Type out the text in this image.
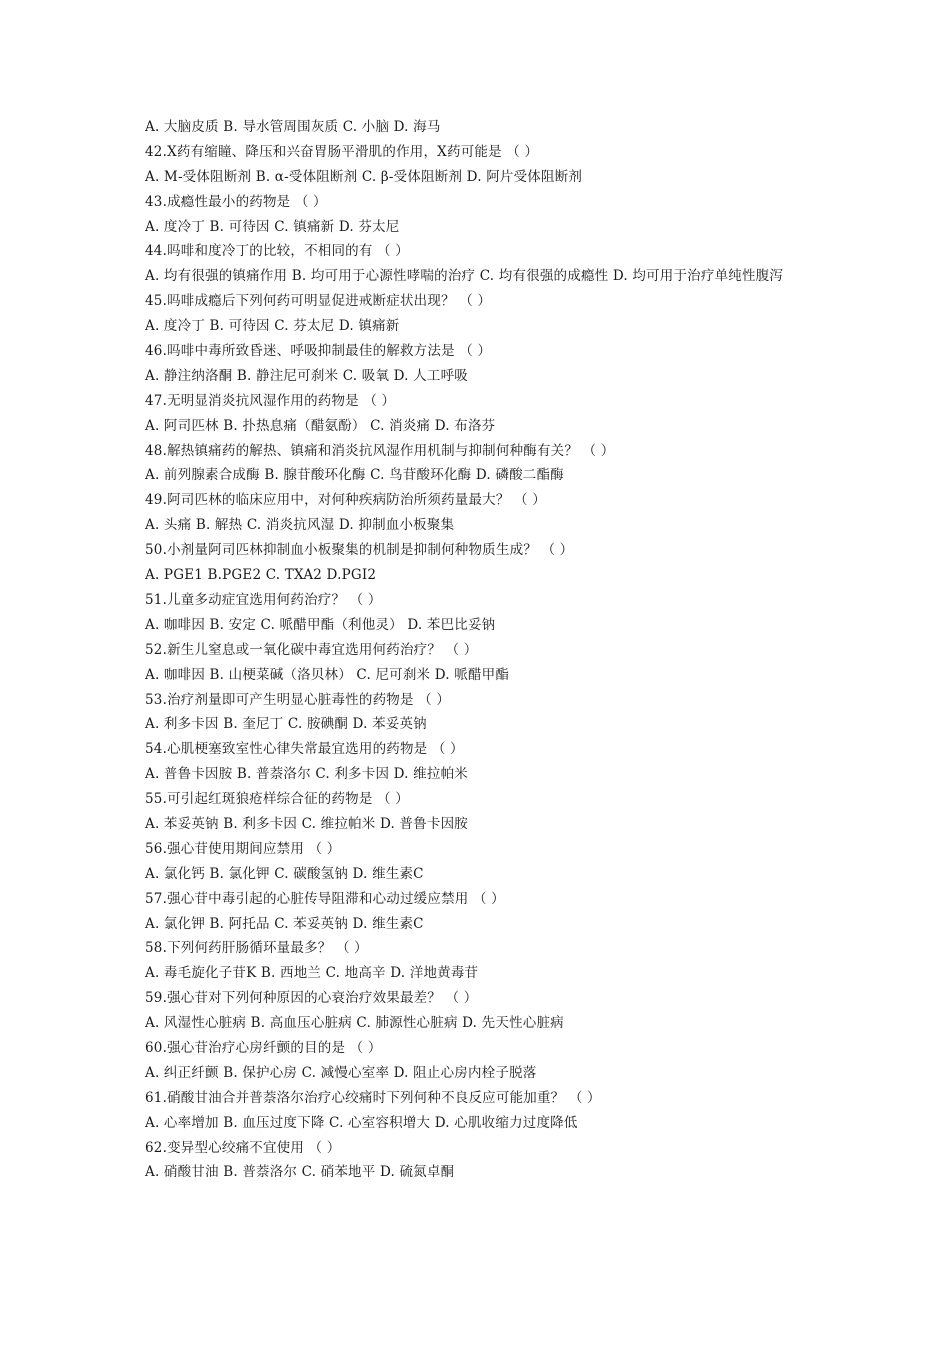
A. 大脑皮质 B. 导水管周围灰质 C. 小脑 D. 海马
42.X药有缩瞳、降压和兴奋胃肠平滑肌的作用，X药可能是 （ ）
A. M-受体阻断剂 B. α-受体阻断剂 C. β-受体阻断剂 D. 阿片受体阻断剂
43.成瘾性最小的药物是 （ ）
A. 度冷丁 B. 可待因 C. 镇痛新 D. 芬太尼
44.吗啡和度冷丁的比较，不相同的有 （ ）
A. 均有很强的镇痛作用 B. 均可用于心源性哮喘的治疗 C. 均有很强的成瘾性 D. 均可用于治疗单纯性腹泻
45.吗啡成瘾后下列何药可明显促进戒断症状出现？ （ ）
A. 度冷丁 B. 可待因 C. 芬太尼 D. 镇痛新
46.吗啡中毒所致昏迷、呼吸抑制最佳的解救方法是 （ ）
A. 静注纳洛酮 B. 静注尼可刹米 C. 吸氧 D. 人工呼吸
47.无明显消炎抗风湿作用的药物是 （ ）
A. 阿司匹林 B. 扑热息痛（醋氨酚） C. 消炎痛 D. 布洛芬
48.解热镇痛药的解热、镇痛和消炎抗风湿作用机制与抑制何种酶有关？ （ ）
A. 前列腺素合成酶 B. 腺苷酸环化酶 C. 鸟苷酸环化酶 D. 磷酸二酯酶
49.阿司匹林的临床应用中，对何种疾病防治所须药量最大？ （ ）
A. 头痛 B. 解热 C. 消炎抗风湿 D. 抑制血小板聚集
50.小剂量阿司匹林抑制血小板聚集的机制是抑制何种物质生成？ （ ）
A. PGE1 B.PGE2 C. TXA2 D.PGI2
51.儿童多动症宜选用何药治疗？ （ ）
A. 咖啡因 B. 安定 C. 哌醋甲酯（利他灵） D. 苯巴比妥钠
52.新生儿窒息或一氧化碳中毒宜选用何药治疗？ （ ）
A. 咖啡因 B. 山梗菜碱（洛贝林） C. 尼可刹米 D. 哌醋甲酯
53.治疗剂量即可产生明显心脏毒性的药物是 （ ）
A. 利多卡因 B. 奎尼丁 C. 胺碘酮 D. 苯妥英钠
54.心肌梗塞致室性心律失常最宜选用的药物是 （ ）
A. 普鲁卡因胺 B. 普萘洛尔 C. 利多卡因 D. 维拉帕米
55.可引起红斑狼疮样综合征的药物是 （ ）
A. 苯妥英钠 B. 利多卡因 C. 维拉帕米 D. 普鲁卡因胺
56.强心苷使用期间应禁用 （ ）
A. 氯化钙 B. 氯化钾 C. 碳酸氢钠 D. 维生素C
57.强心苷中毒引起的心脏传导阻滞和心动过缓应禁用 （ ）
A. 氯化钾 B. 阿托品 C. 苯妥英钠 D. 维生素C
58.下列何药肝肠循环量最多？ （ ）
A. 毒毛旋化子苷K B. 西地兰 C. 地高辛 D. 洋地黄毒苷
59.强心苷对下列何种原因的心衰治疗效果最差？ （ ）
A. 风湿性心脏病 B. 高血压心脏病 C. 肺源性心脏病 D. 先天性心脏病
60.强心苷治疗心房纤颤的目的是 （ ）
A. 纠正纤颤 B. 保护心房 C. 减慢心室率 D. 阻止心房内栓子脱落
61.硝酸甘油合并普萘洛尔治疗心绞痛时下列何种不良反应可能加重？ （ ）
A. 心率增加 B. 血压过度下降 C. 心室容积增大 D. 心肌收缩力过度降低
62.变异型心绞痛不宜使用 （ ）
A. 硝酸甘油 B. 普萘洛尔 C. 硝苯地平 D. 硫氮卓酮
